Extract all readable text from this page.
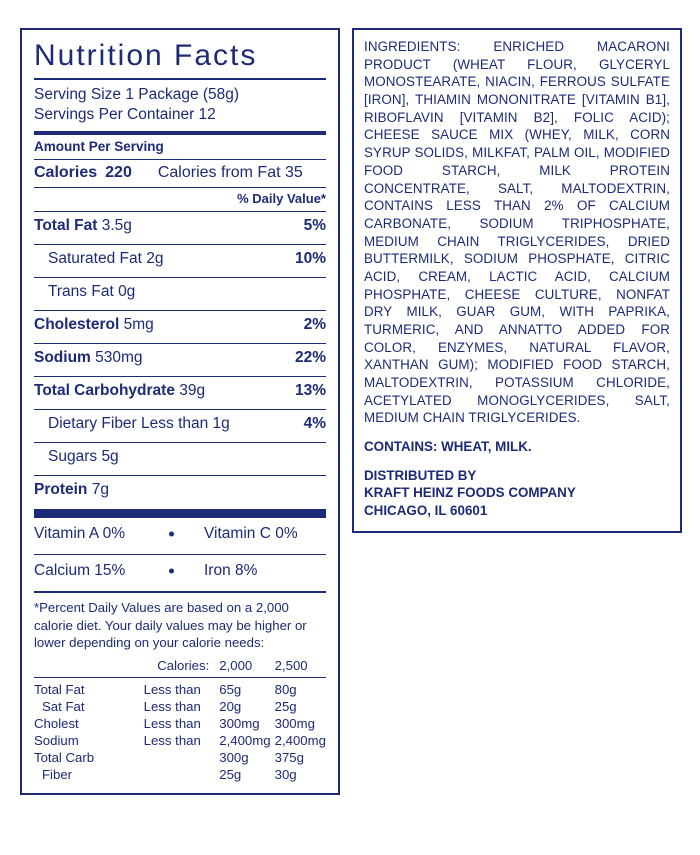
Nutrition Facts
Serving Size 1 Package (58g)
Servings Per Container 12
Amount Per Serving
Calories 220 Calories from Fat 35
% Daily Value*
Total Fat 3.5g	5%
Saturated Fat 2g	10%
Trans Fat 0g
Cholesterol 5mg	2%
Sodium 530mg	22%
Total Carbohydrate 39g	13%
Dietary Fiber Less than 1g	4%
Sugars 5g
Protein 7g
Vitamin A 0%	Vitamin C 0%
Calcium 15%	Iron 8%
*Percent Daily Values are based on a 2,000 calorie diet. Your daily values may be higher or lower depending on your calorie needs:
	Calories:	2,000	2,500

Total Fat	Less than	65g	80g
Sat Fat	Less than	20g	25g
Cholest	Less than	300mg	300mg
Sodium	Less than	2,400mg	2,400mg
Total Carb		300g	375g
Fiber		25g	30g
INGREDIENTS: ENRICHED MACARONI PRODUCT (WHEAT FLOUR, GLYCERYL MONOSTEARATE, NIACIN, FERROUS SULFATE [IRON], THIAMIN MONONITRATE [VITAMIN B1], RIBOFLAVIN [VITAMIN B2], FOLIC ACID); CHEESE SAUCE MIX (WHEY, MILK, CORN SYRUP SOLIDS, MILKFAT, PALM OIL, MODIFIED FOOD STARCH, MILK PROTEIN CONCENTRATE, SALT, MALTODEXTRIN, CONTAINS LESS THAN 2% OF CALCIUM CARBONATE, SODIUM TRIPHOSPHATE, MEDIUM CHAIN TRIGLYCERIDES, DRIED BUTTERMILK, SODIUM PHOSPHATE, CITRIC ACID, CREAM, LACTIC ACID, CALCIUM PHOSPHATE, CHEESE CULTURE, NONFAT DRY MILK, GUAR GUM, WITH PAPRIKA, TURMERIC, AND ANNATTO ADDED FOR COLOR, ENZYMES, NATURAL FLAVOR, XANTHAN GUM); MODIFIED FOOD STARCH, MALTODEXTRIN, POTASSIUM CHLORIDE, ACETYLATED MONOGLYCERIDES, SALT, MEDIUM CHAIN TRIGLYCERIDES.
CONTAINS: WHEAT, MILK.
DISTRIBUTED BY
KRAFT HEINZ FOODS COMPANY
CHICAGO, IL 60601
